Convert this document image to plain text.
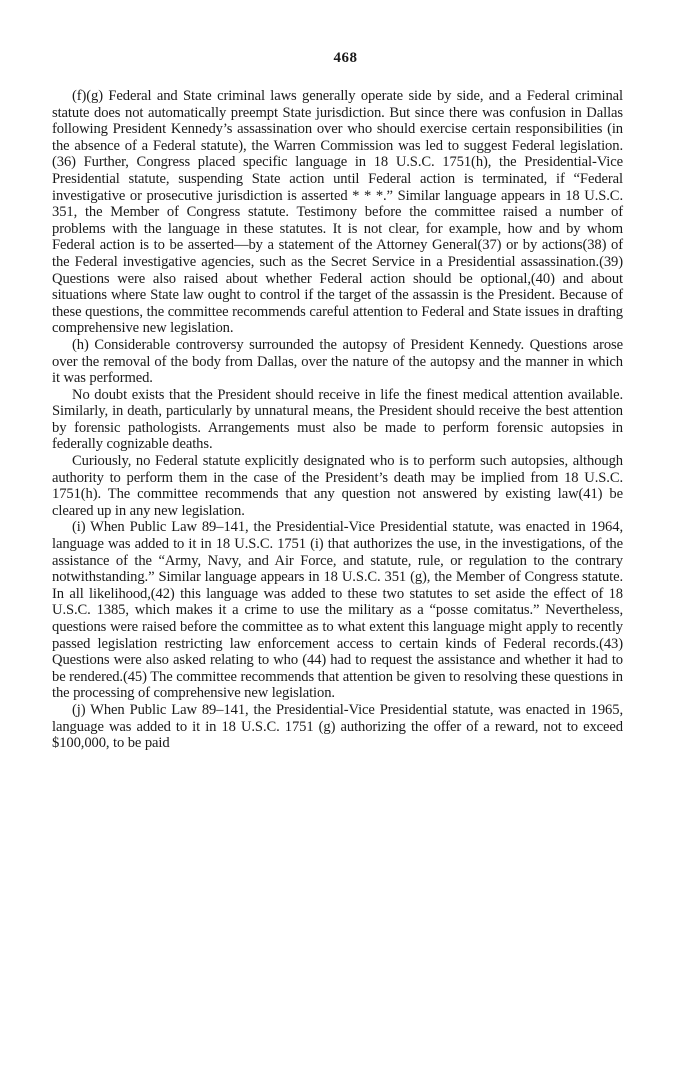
468

(f)(g) Federal and State criminal laws generally operate side by side, and a Federal criminal statute does not automatically preempt State jurisdiction. But since there was confusion in Dallas following President Kennedy’s assassination over who should exercise certain responsibilities (in the absence of a Federal statute), the Warren Commission was led to suggest Federal legislation.(36) Further, Congress placed specific language in 18 U.S.C. 1751(h), the Presidential-Vice Presidential statute, suspending State action until Federal action is terminated, if “Federal investigative or prosecutive jurisdiction is asserted * * *.” Similar language appears in 18 U.S.C. 351, the Member of Congress statute. Testimony before the committee raised a number of problems with the language in these statutes. It is not clear, for example, how and by whom Federal action is to be asserted—by a statement of the Attorney General(37) or by actions(38) of the Federal investigative agencies, such as the Secret Service in a Presidential assassination.(39) Questions were also raised about whether Federal action should be optional,(40) and about situations where State law ought to control if the target of the assassin is the President. Because of these questions, the committee recommends careful attention to Federal and State issues in drafting comprehensive new legislation.

(h) Considerable controversy surrounded the autopsy of President Kennedy. Questions arose over the removal of the body from Dallas, over the nature of the autopsy and the manner in which it was performed.

No doubt exists that the President should receive in life the finest medical attention available. Similarly, in death, particularly by unnatural means, the President should receive the best attention by forensic pathologists. Arrangements must also be made to perform forensic autopsies in federally cognizable deaths.

Curiously, no Federal statute explicitly designated who is to perform such autopsies, although authority to perform them in the case of the President’s death may be implied from 18 U.S.C. 1751(h). The committee recommends that any question not answered by existing law(41) be cleared up in any new legislation.

(i) When Public Law 89–141, the Presidential-Vice Presidential statute, was enacted in 1964, language was added to it in 18 U.S.C. 1751 (i) that authorizes the use, in the investigations, of the assistance of the “Army, Navy, and Air Force, and statute, rule, or regulation to the contrary notwithstanding.” Similar language appears in 18 U.S.C. 351 (g), the Member of Congress statute. In all likelihood,(42) this language was added to these two statutes to set aside the effect of 18 U.S.C. 1385, which makes it a crime to use the military as a “posse comitatus.” Nevertheless, questions were raised before the committee as to what extent this language might apply to recently passed legislation restricting law enforcement access to certain kinds of Federal records.(43) Questions were also asked relating to who (44) had to request the assistance and whether it had to be rendered.(45) The committee recommends that attention be given to resolving these questions in the processing of comprehensive new legislation.

(j) When Public Law 89–141, the Presidential-Vice Presidential statute, was enacted in 1965, language was added to it in 18 U.S.C. 1751 (g) authorizing the offer of a reward, not to exceed $100,000, to be paid
